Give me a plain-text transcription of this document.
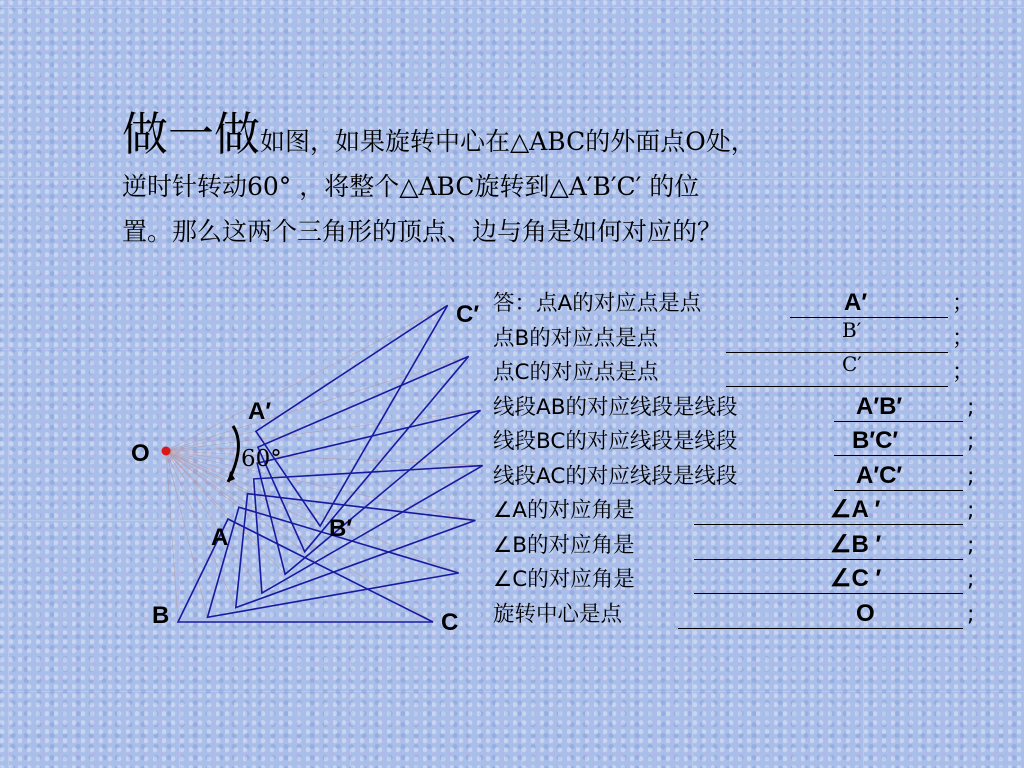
做一做如图，如果旋转中心在△ABC的外面点O处，
逆时针转动60° ，将整个△ABC旋转到△A′B′C′ 的位
置。那么这两个三角形的顶点、边与角是如何对应的？
O
A
B	C
A′
B′
C′
60°
答：点A的对应点是点	A′	；
点B的对应点是点	B′	；
点C的对应点是点	C′	；
线段AB的对应线段是线段	A′B′	;
线段BC的对应线段是线段	B′C′	;
线段AC的对应线段是线段	A′C′	;
∠A的对应角是	∠A ′	;
∠B的对应角是	∠B ′	;
∠C的对应角是	∠C ′	;
旋转中心是点	O	;
